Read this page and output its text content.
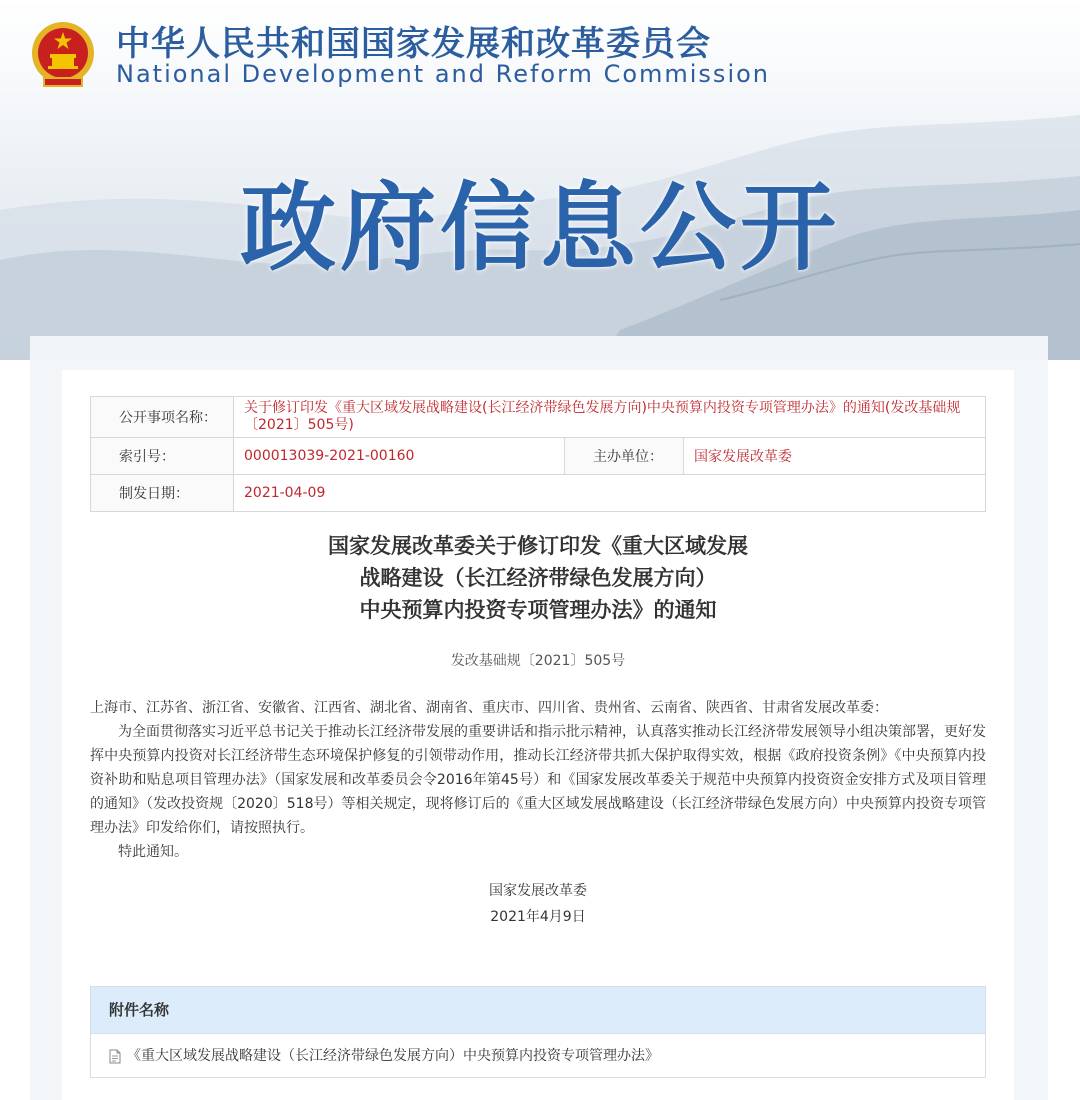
中华人民共和国国家发展和改革委员会
National Development and Reform Commission
政府信息公开
公开事项名称：	关于修订印发《重大区域发展战略建设(长江经济带绿色发展方向)中央预算内投资专项管理办法》的通知(发改基础规〔2021〕505号)		
索引号：	000013039-2021-00160	主办单位：	国家发展改革委
制发日期：	2021-04-09		
国家发展改革委关于修订印发《重大区域发展
战略建设（长江经济带绿色发展方向）
中央预算内投资专项管理办法》的通知
发改基础规〔2021〕505号

上海市、江苏省、浙江省、安徽省、江西省、湖北省、湖南省、重庆市、四川省、贵州省、云南省、陕西省、甘肃省发展改革委：

为全面贯彻落实习近平总书记关于推动长江经济带发展的重要讲话和指示批示精神，认真落实推动长江经济带发展领导小组决策部署，更好发挥中央预算内投资对长江经济带生态环境保护修复的引领带动作用，推动长江经济带共抓大保护取得实效，根据《政府投资条例》《中央预算内投资补助和贴息项目管理办法》（国家发展和改革委员会令2016年第45号）和《国家发展改革委关于规范中央预算内投资资金安排方式及项目管理的通知》（发改投资规〔2020〕518号）等相关规定，现将修订后的《重大区域发展战略建设（长江经济带绿色发展方向）中央预算内投资专项管理办法》印发给你们，请按照执行。

特此通知。

国家发展改革委
2021年4月9日
附件名称
《重大区域发展战略建设（长江经济带绿色发展方向）中央预算内投资专项管理办法》
